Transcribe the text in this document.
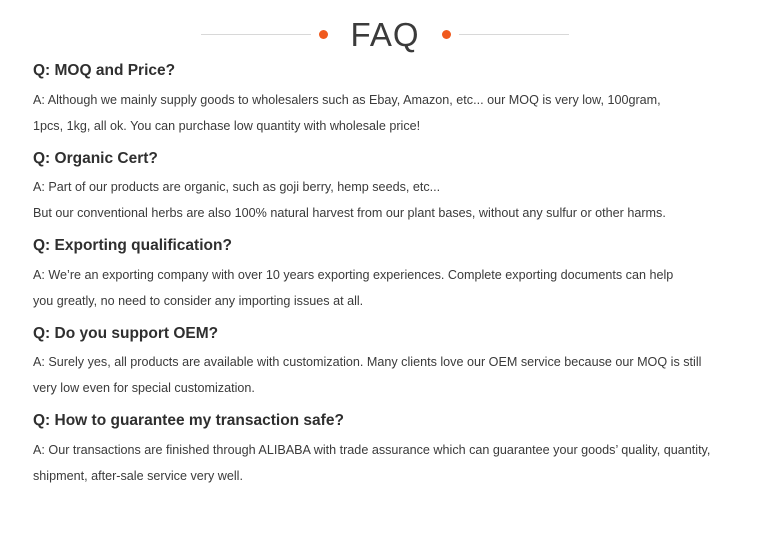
FAQ

Q: MOQ and Price?

A: Although we mainly supply goods to wholesalers such as Ebay, Amazon, etc... our MOQ is very low, 100gram,

1pcs, 1kg, all ok. You can purchase low quantity with wholesale price!

Q: Organic Cert?

A: Part of our products are organic, such as goji berry, hemp seeds, etc...

But our conventional herbs are also 100% natural harvest from our plant bases, without any sulfur or other harms.

Q: Exporting qualification?

A: We’re an exporting company with over 10 years exporting experiences. Complete exporting documents can help

you greatly, no need to consider any importing issues at all.

Q: Do you support OEM?

A: Surely yes, all products are available with customization. Many clients love our OEM service because our MOQ is still

very low even for special customization.

Q: How to guarantee my transaction safe?

A: Our transactions are finished through ALIBABA with trade assurance which can guarantee your goods’ quality, quantity,

shipment, after-sale service very well.
